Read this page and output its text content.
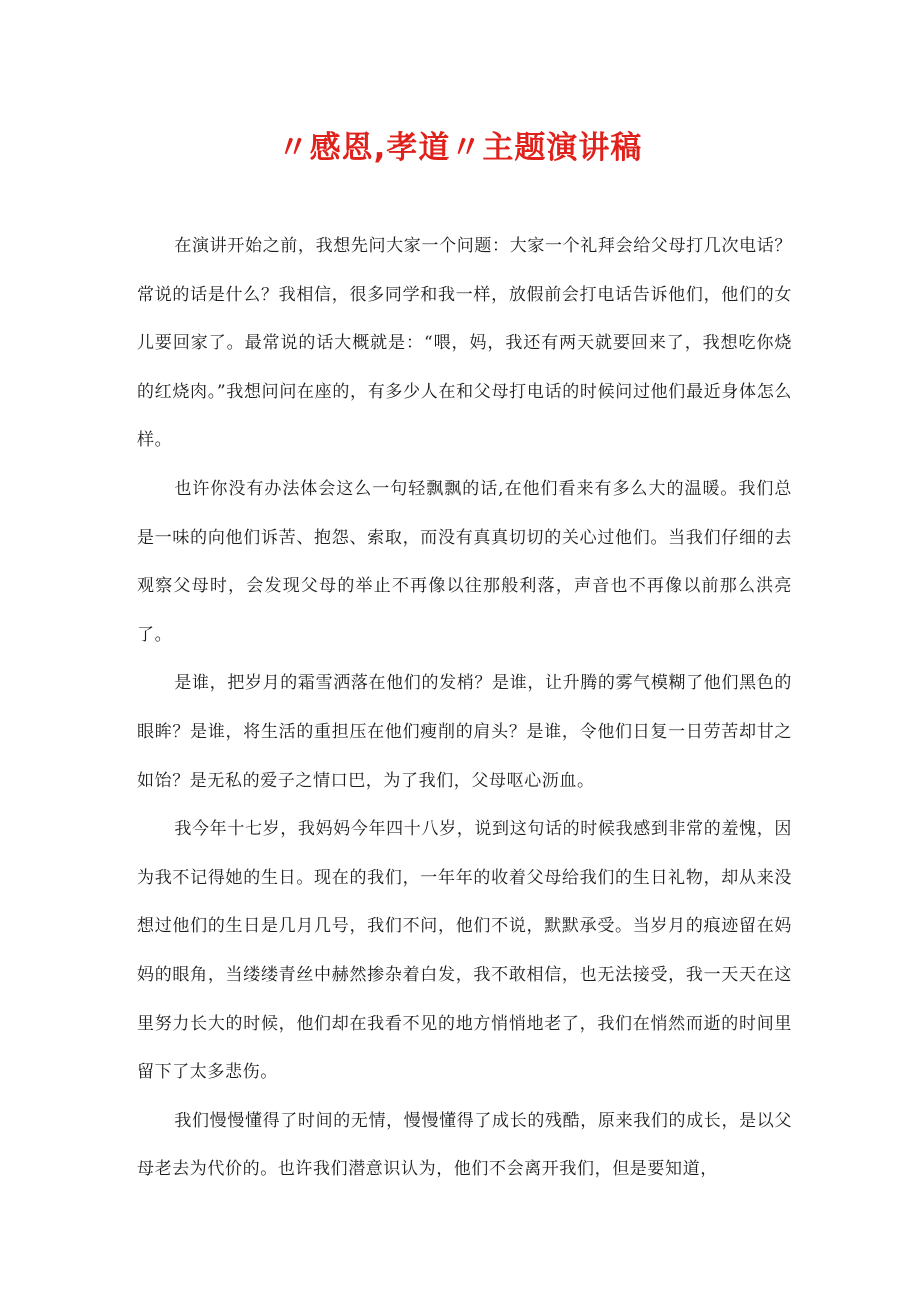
〃感恩,孝道〃主题演讲稿

在演讲开始之前，我想先问大家一个问题：大家一个礼拜会给父母打几次电话？常说的话是什么？我相信，很多同学和我一样，放假前会打电话告诉他们，他们的女儿要回家了。最常说的话大概就是：“喂，妈，我还有两天就要回来了，我想吃你烧的红烧肉。”我想问问在座的，有多少人在和父母打电话的时候问过他们最近身体怎么样。

也许你没有办法体会这么一句轻飘飘的话,在他们看来有多么大的温暖。我们总是一味的向他们诉苦、抱怨、索取，而没有真真切切的关心过他们。当我们仔细的去观察父母时，会发现父母的举止不再像以往那般利落，声音也不再像以前那么洪亮了。

是谁，把岁月的霜雪洒落在他们的发梢？是谁，让升腾的雾气模糊了他们黑色的眼眸？是谁，将生活的重担压在他们瘦削的肩头？是谁，令他们日复一日劳苦却甘之如饴？是无私的爱子之情口巴，为了我们，父母呕心沥血。

我今年十七岁，我妈妈今年四十八岁，说到这句话的时候我感到非常的羞愧，因为我不记得她的生日。现在的我们，一年年的收着父母给我们的生日礼物，却从来没想过他们的生日是几月几号，我们不问，他们不说，默默承受。当岁月的痕迹留在妈妈的眼角，当缕缕青丝中赫然掺杂着白发，我不敢相信，也无法接受，我一天天在这里努力长大的时候，他们却在我看不见的地方悄悄地老了，我们在悄然而逝的时间里留下了太多悲伤。

我们慢慢懂得了时间的无情，慢慢懂得了成长的残酷，原来我们的成长，是以父母老去为代价的。也许我们潜意识认为，他们不会离开我们，但是要知道，
